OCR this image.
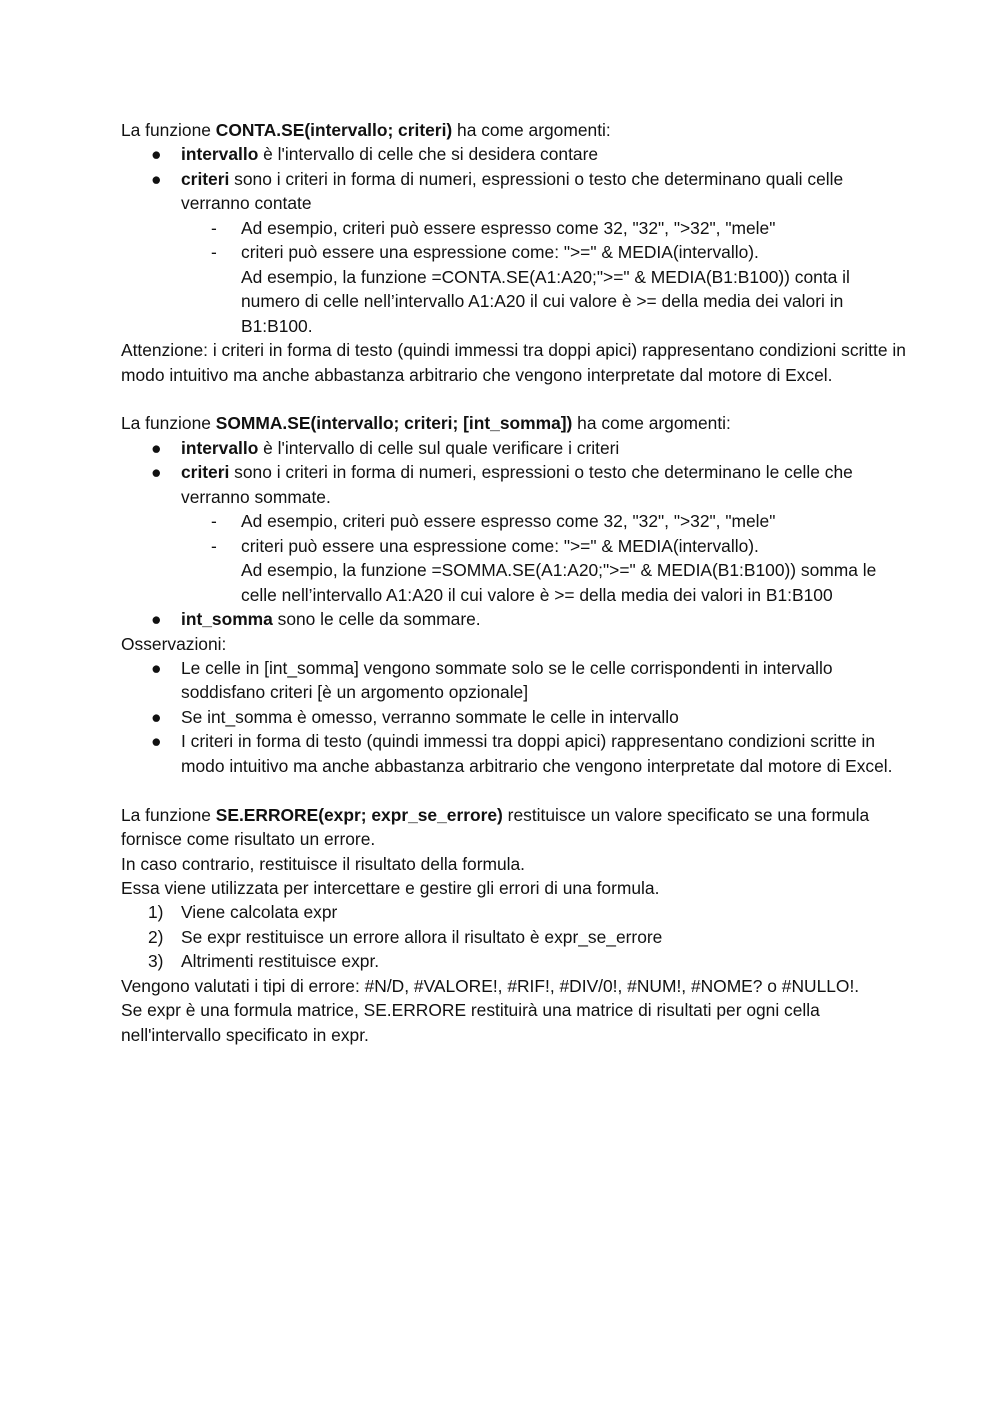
La funzione CONTA.SE(intervallo; criteri) ha come argomenti:

● intervallo è l'intervallo di celle che si desidera contare
● criteri sono i criteri in forma di numeri, espressioni o testo che determinano quali celle verranno contate
- Ad esempio, criteri può essere espresso come 32, "32", ">32", "mele"
- criteri può essere una espressione come: ">=" & MEDIA(intervallo).
Ad esempio, la funzione =CONTA.SE(A1:A20;">=" & MEDIA(B1:B100)) conta il numero di celle nell’intervallo A1:A20 il cui valore è >= della media dei valori in B1:B100.

Attenzione: i criteri in forma di testo (quindi immessi tra doppi apici) rappresentano condizioni scritte in modo intuitivo ma anche abbastanza arbitrario che vengono interpretate dal motore di Excel.

La funzione SOMMA.SE(intervallo; criteri; [int_somma]) ha come argomenti:

● intervallo è l'intervallo di celle sul quale verificare i criteri
● criteri sono i criteri in forma di numeri, espressioni o testo che determinano le celle che verranno sommate.
- Ad esempio, criteri può essere espresso come 32, "32", ">32", "mele"
- criteri può essere una espressione come: ">=" & MEDIA(intervallo).
Ad esempio, la funzione =SOMMA.SE(A1:A20;">=" & MEDIA(B1:B100)) somma le celle nell’intervallo A1:A20 il cui valore è >= della media dei valori in B1:B100
● int_somma sono le celle da sommare.

Osservazioni:

● Le celle in [int_somma] vengono sommate solo se le celle corrispondenti in intervallo soddisfano criteri [è un argomento opzionale]
● Se int_somma è omesso, verranno sommate le celle in intervallo
● I criteri in forma di testo (quindi immessi tra doppi apici) rappresentano condizioni scritte in modo intuitivo ma anche abbastanza arbitrario che vengono interpretate dal motore di Excel.

La funzione SE.ERRORE(expr; expr_se_errore) restituisce un valore specificato se una formula fornisce come risultato un errore.

In caso contrario, restituisce il risultato della formula.

Essa viene utilizzata per intercettare e gestire gli errori di una formula.

1) Viene calcolata expr
2) Se expr restituisce un errore allora il risultato è expr_se_errore
3) Altrimenti restituisce expr.

Vengono valutati i tipi di errore: #N/D, #VALORE!, #RIF!, #DIV/0!, #NUM!, #NOME? o #NULLO!.

Se expr è una formula matrice, SE.ERRORE restituirà una matrice di risultati per ogni cella nell'intervallo specificato in expr.
